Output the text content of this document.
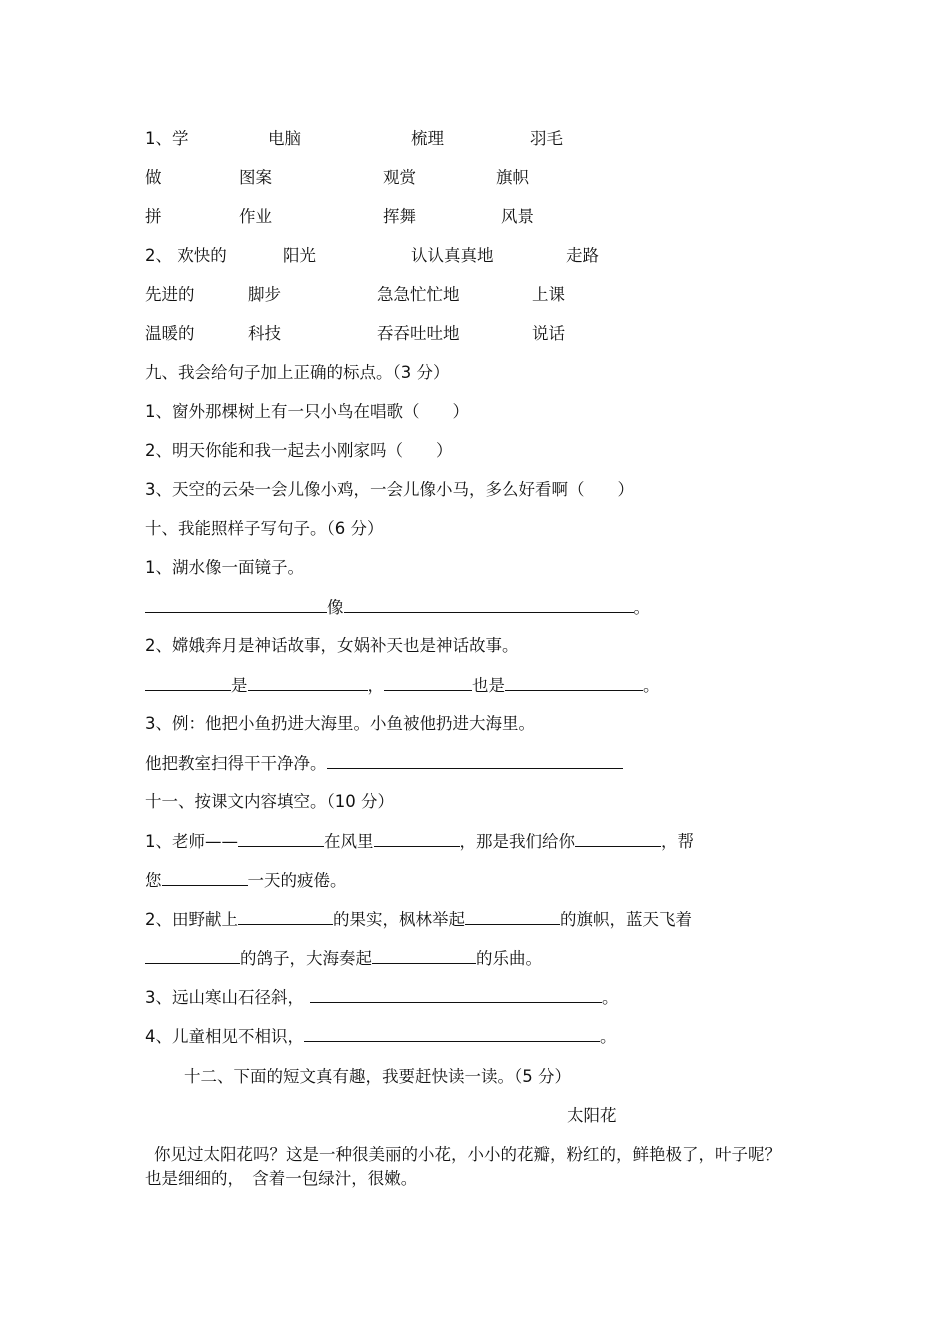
1、学	电脑	梳理	羽毛
做	图案	观赏	旗帜
拼	作业	挥舞	风景
2、 欢快的	阳光	认认真真地	走路
先进的	脚步	急急忙忙地	上课
温暖的	科技	吞吞吐吐地	说话
九、我会给句子加上正确的标点。（3 分）
1、窗外那棵树上有一只小鸟在唱歌（　　）
2、明天你能和我一起去小刚家吗（　　）
3、天空的云朵一会儿像小鸡，一会儿像小马，多么好看啊（　　）
十、我能照样子写句子。（6 分）
1、湖水像一面镜子。
像	。
2、嫦娥奔月是神话故事，女娲补天也是神话故事。
是	，	也是	。
3、例：他把小鱼扔进大海里。小鱼被他扔进大海里。
他把教室扫得干干净净。
十一、按课文内容填空。（10 分）
1、老师——	在风里	，那是我们给你	，帮
您	一天的疲倦。
2、田野献上	的果实，枫林举起	的旗帜，蓝天飞着
的鸽子，大海奏起	的乐曲。
3、远山寒山石径斜，	。
4、儿童相见不相识，	。
十二、下面的短文真有趣，我要赶快读一读。（5 分）
太阳花
你见过太阳花吗？这是一种很美丽的小花，小小的花瓣，粉红的，鲜艳极了，叶子呢？
也是细细的，　含着一包绿汁，很嫩。
